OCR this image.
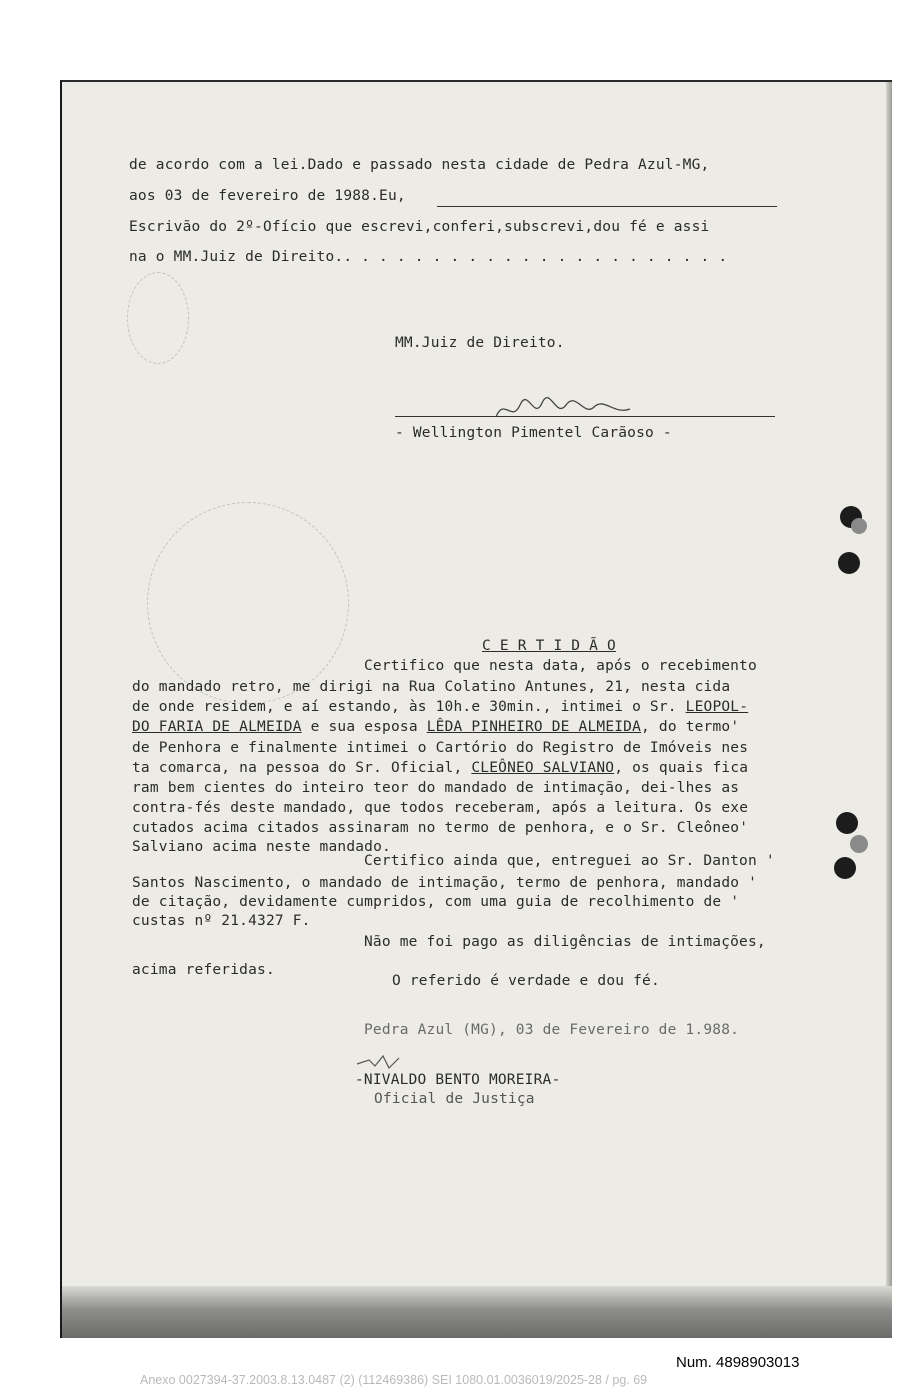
de acordo com a lei.Dado e passado nesta cidade de Pedra Azul-MG,
aos 03 de fevereiro de 1988.Eu,
Escrivão do 2º-Ofício que escrevi,conferi,subscrevi,dou fé e assi
na o MM.Juiz de Direito.. . . . . . . . . . . . . . . . . . . . . .
MM.Juiz de Direito.
- Wellington Pimentel Carãoso -
C E R T I D Ã O
Certifico que nesta data, após o recebimento
do mandado retro, me dirigi na Rua Colatino Antunes, 21, nesta cida
de onde residem, e aí estando, às 10h.e 30min., intimei o Sr. LEOPOL-
DO FARIA DE ALMEIDA e sua esposa LÊDA PINHEIRO DE ALMEIDA, do termo'
de Penhora e finalmente intimei o Cartório do Registro de Imóveis nes
ta comarca, na pessoa do Sr. Oficial, CLEÔNEO SALVIANO, os quais fica
ram bem cientes do inteiro teor do mandado de intimação, dei-lhes as
contra-fés deste mandado, que todos receberam, após a leitura. Os exe
cutados acima citados assinaram no termo de penhora, e o Sr. Cleôneo'
Salviano acima neste mandado.
Certifico ainda que, entreguei ao Sr. Danton '
Santos Nascimento, o mandado de intimação, termo de penhora, mandado '
de citação, devidamente cumpridos, com uma guia de recolhimento de '
custas nº 21.4327 F.
Não me foi pago as diligências de intimações,
acima referidas.
O referido é verdade e dou fé.
Pedra Azul (MG), 03 de Fevereiro de 1.988.
-NIVALDO BENTO MOREIRA-
Oficial de Justiça
Num. 4898903013
Anexo 0027394-37.2003.8.13.0487 (2) (112469386) SEI 1080.01.0036019/2025-28 / pg. 69
